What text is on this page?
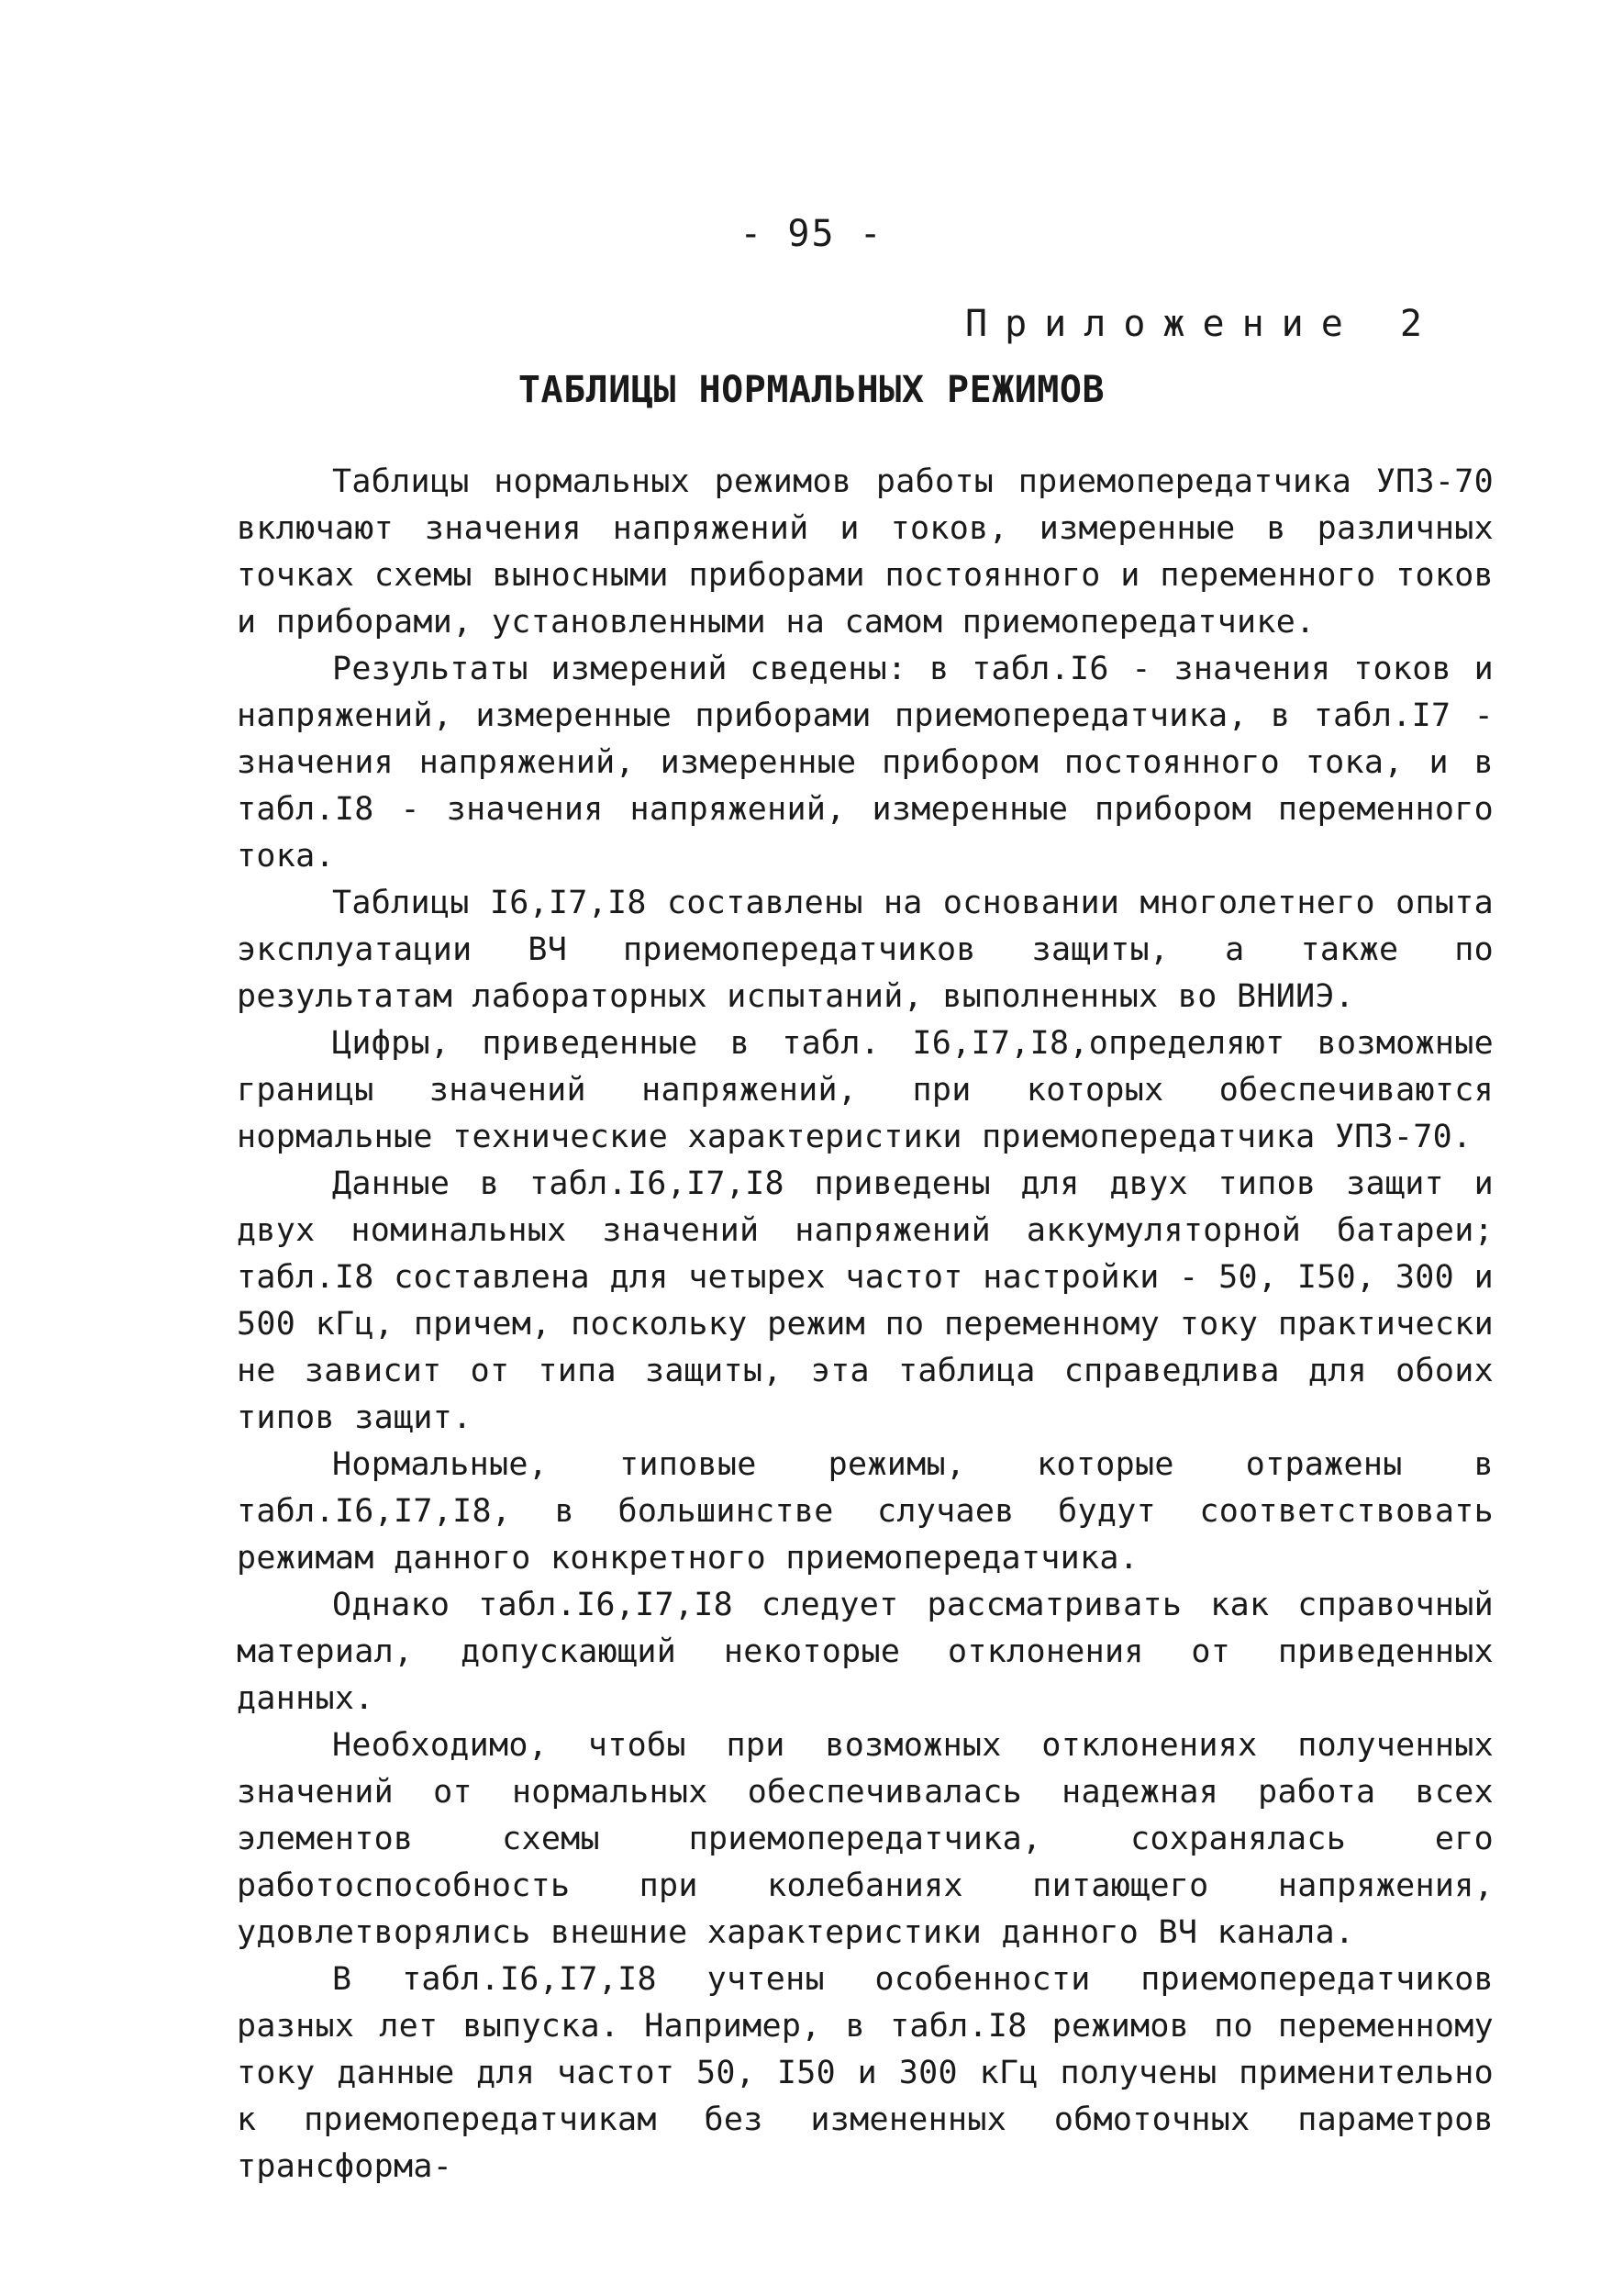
- 95 -
Приложение 2
ТАБЛИЦЫ НОРМАЛЬНЫХ РЕЖИМОВ

Таблицы нормальных режимов работы приемопередатчика УПЗ-70 включают значения напряжений и токов, измеренные в различных точках схемы выносными приборами постоянного и переменного токов и приборами, установленными на самом приемопередатчике.

Результаты измерений сведены: в табл.I6 - значения токов и напряжений, измеренные приборами приемопередатчика, в табл.I7 - значения напряжений, измеренные прибором постоянного тока, и в табл.I8 - значения напряжений, измеренные прибором переменного тока.

Таблицы I6,I7,I8 составлены на основании многолетнего опыта эксплуатации ВЧ приемопередатчиков защиты, а также по результатам лабораторных испытаний, выполненных во ВНИИЭ.

Цифры, приведенные в табл. I6,I7,I8,определяют возможные границы значений напряжений, при которых обеспечиваются нормальные технические характеристики приемопередатчика УПЗ-70.

Данные в табл.I6,I7,I8 приведены для двух типов защит и двух номинальных значений напряжений аккумуляторной батареи; табл.I8 составлена для четырех частот настройки - 50, I50, 300 и 500 кГц, причем, поскольку режим по переменному току практически не зависит от типа защиты, эта таблица справедлива для обоих типов защит.

Нормальные, типовые режимы, которые отражены в табл.I6,I7,I8, в большинстве случаев будут соответствовать режимам данного конкретного приемопередатчика.

Однако табл.I6,I7,I8 следует рассматривать как справочный материал, допускающий некоторые отклонения от приведенных данных.

Необходимо, чтобы при возможных отклонениях полученных значений от нормальных обеспечивалась надежная работа всех элементов схемы приемопередатчика, сохранялась его работоспособность при колебаниях питающего напряжения, удовлетворялись внешние характеристики данного ВЧ канала.

В табл.I6,I7,I8 учтены особенности приемопередатчиков разных лет выпуска. Например, в табл.I8 режимов по переменному току данные для частот 50, I50 и 300 кГц получены применительно к приемопередатчикам без измененных обмоточных параметров трансформа-
